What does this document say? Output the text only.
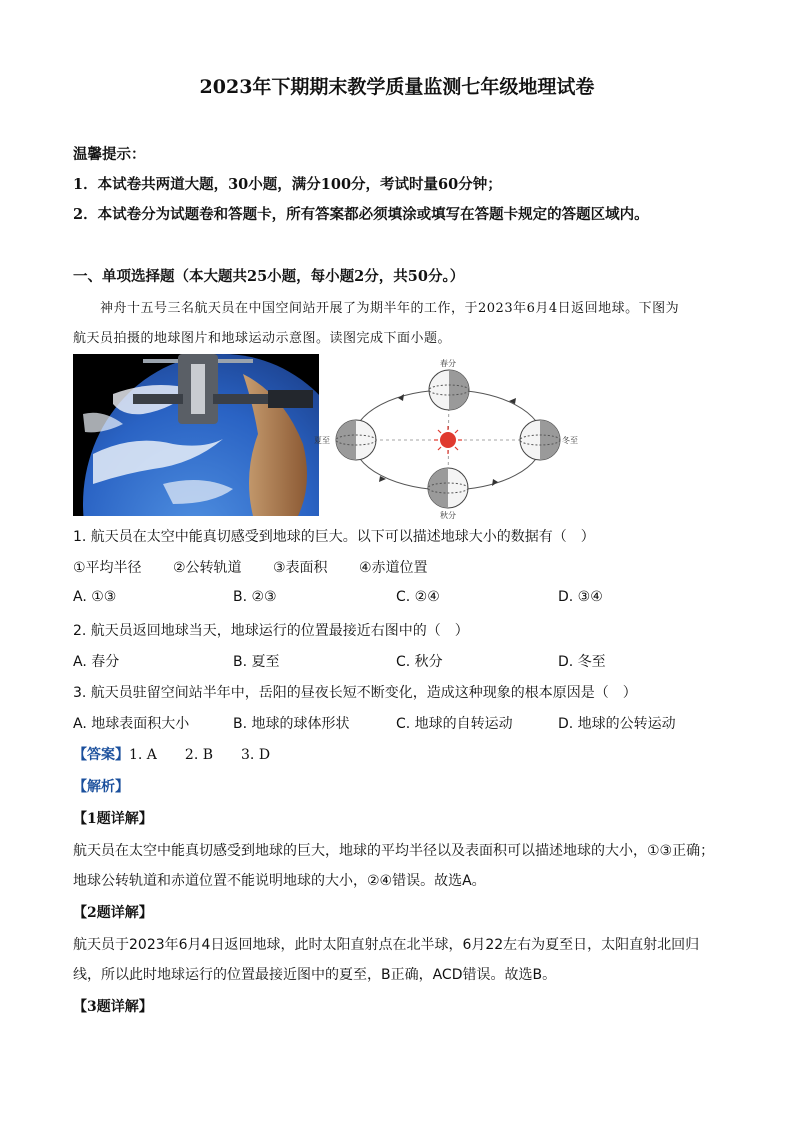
2023年下期期末教学质量监测七年级地理试卷
温馨提示：
1．本试卷共两道大题，30小题，满分100分，考试时量60分钟；
2．本试卷分为试题卷和答题卡，所有答案都必须填涂或填写在答题卡规定的答题区域内。
一、单项选择题（本大题共25小题，每小题2分，共50分。）
神舟十五号三名航天员在中国空间站开展了为期半年的工作，于2023年6月4日返回地球。下图为
航天员拍摄的地球图片和地球运动示意图。读图完成下面小题。
春分
夏至
秋分
冬至
1. 航天员在太空中能真切感受到地球的巨大。以下可以描述地球大小的数据有（　）
①平均半径 ②公转轨道 ③表面积 ④赤道位置
A. ①③	B. ②③	C. ②④	D. ③④
2. 航天员返回地球当天，地球运行的位置最接近右图中的（　）
A. 春分	B. 夏至	C. 秋分	D. 冬至
3. 航天员驻留空间站半年中，岳阳的昼夜长短不断变化，造成这种现象的根本原因是（　）
A. 地球表面积大小	B. 地球的球体形状	C. 地球的自转运动	D. 地球的公转运动
【答案】1. A　　2. B　　3. D
【解析】
【1题详解】
航天员在太空中能真切感受到地球的巨大，地球的平均半径以及表面积可以描述地球的大小，①③正确；
地球公转轨道和赤道位置不能说明地球的大小，②④错误。故选A。
【2题详解】
航天员于2023年6月4日返回地球，此时太阳直射点在北半球，6月22左右为夏至日，太阳直射北回归
线，所以此时地球运行的位置最接近图中的夏至，B正确，ACD错误。故选B。
【3题详解】
